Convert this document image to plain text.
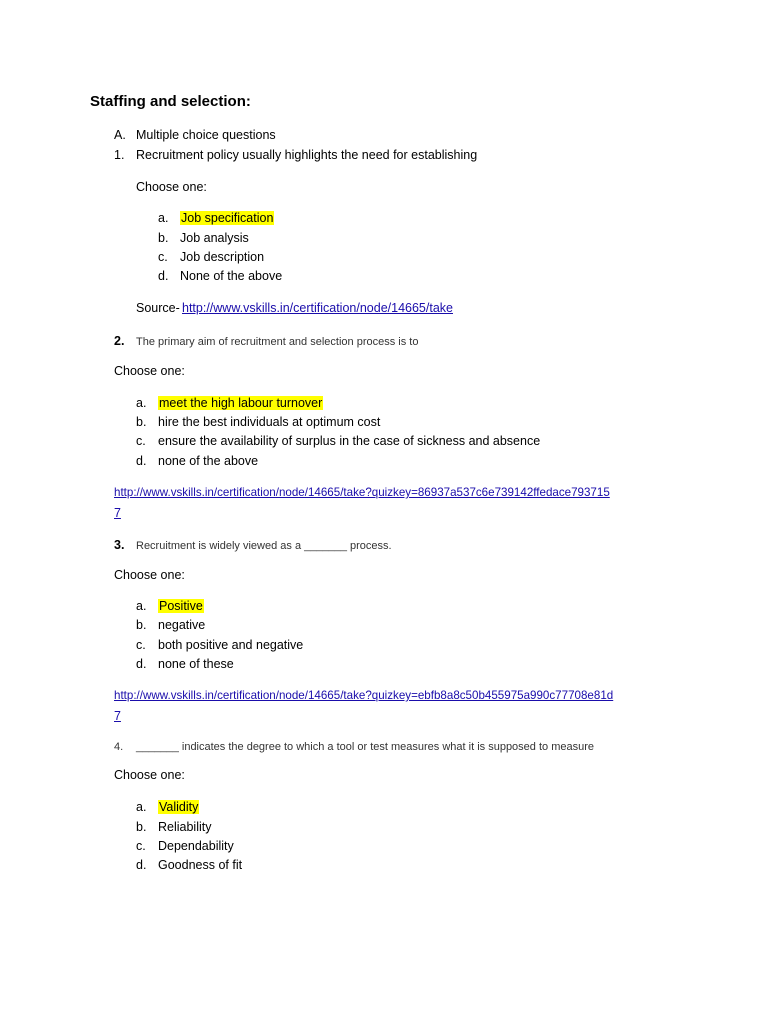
Staffing and selection:
A. Multiple choice questions
1. Recruitment policy usually highlights the need for establishing
Choose one:
a. Job specification
b. Job analysis
c. Job description
d. None of the above
Source- http://www.vskills.in/certification/node/14665/take
2. The primary aim of recruitment and selection process is to
Choose one:
a. meet the high labour turnover
b. hire the best individuals at optimum cost
c. ensure the availability of surplus in the case of sickness and absence
d. none of the above
http://www.vskills.in/certification/node/14665/take?quizkey=86937a537c6e739142ffedace793715
7
3. Recruitment is widely viewed as a _______ process.
Choose one:
a. Positive
b. negative
c. both positive and negative
d. none of these
http://www.vskills.in/certification/node/14665/take?quizkey=ebfb8a8c50b455975a990c77708e81d
7
4. _______ indicates the degree to which a tool or test measures what it is supposed to measure
Choose one:
a. Validity
b. Reliability
c. Dependability
d. Goodness of fit
